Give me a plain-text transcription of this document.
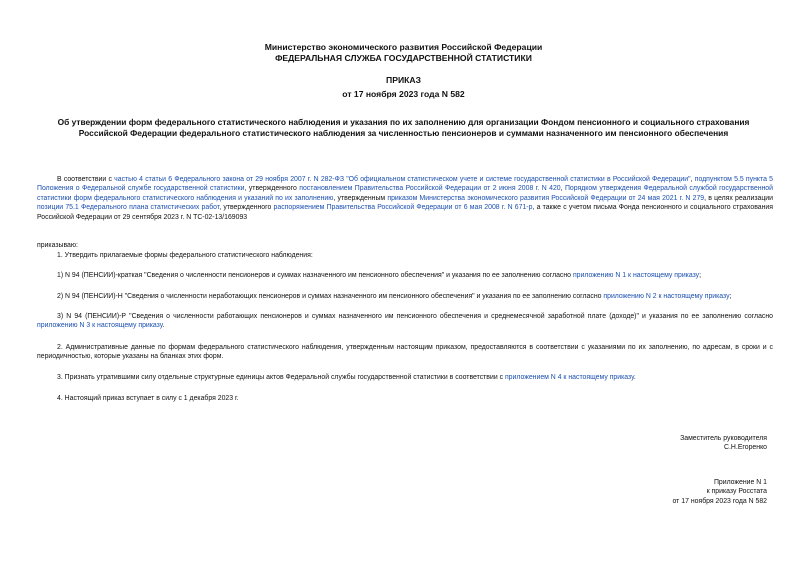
Министерство экономического развития Российской Федерации
ФЕДЕРАЛЬНАЯ СЛУЖБА ГОСУДАРСТВЕННОЙ СТАТИСТИКИ
ПРИКАЗ
от 17 ноября 2023 года N 582
Об утверждении форм федерального статистического наблюдения и указания по их заполнению для организации Фондом пенсионного и социального страхования Российской Федерации федерального статистического наблюдения за численностью пенсионеров и суммами назначенного им пенсионного обеспечения
В соответствии с частью 4 статьи 6 Федерального закона от 29 ноября 2007 г. N 282-ФЗ "Об официальном статистическом учете и системе государственной статистики в Российской Федерации", подпунктом 5.5 пункта 5 Положения о Федеральной службе государственной статистики, утвержденного постановлением Правительства Российской Федерации от 2 июня 2008 г. N 420, Порядком утверждения Федеральной службой государственной статистики форм федерального статистического наблюдения и указаний по их заполнению, утвержденным приказом Министерства экономического развития Российской Федерации от 24 мая 2021 г. N 279, в целях реализации позиции 75.1 Федерального плана статистических работ, утвержденного распоряжением Правительства Российской Федерации от 6 мая 2008 г. N 671-р, а также с учетом письма Фонда пенсионного и социального страхования Российской Федерации от 29 сентября 2023 г. N ТС-02-13/169093
приказываю:
1. Утвердить прилагаемые формы федерального статистического наблюдения:
1) N 94 (ПЕНСИИ)-краткая "Сведения о численности пенсионеров и суммах назначенного им пенсионного обеспечения" и указания по ее заполнению согласно приложению N 1 к настоящему приказу;
2) N 94 (ПЕНСИИ)-Н "Сведения о численности неработающих пенсионеров и суммах назначенного им пенсионного обеспечения" и указания по ее заполнению согласно приложению N 2 к настоящему приказу;
3) N 94 (ПЕНСИИ)-Р "Сведения о численности работающих пенсионеров и суммах назначенного им пенсионного обеспечения и среднемесячной заработной плате (доходе)" и указания по ее заполнению согласно приложению N 3 к настоящему приказу.
2. Административные данные по формам федерального статистического наблюдения, утвержденным настоящим приказом, предоставляются в соответствии с указаниями по их заполнению, по адресам, в сроки и с периодичностью, которые указаны на бланках этих форм.
3. Признать утратившими силу отдельные структурные единицы актов Федеральной службы государственной статистики в соответствии с приложением N 4 к настоящему приказу.
4. Настоящий приказ вступает в силу с 1 декабря 2023 г.
Заместитель руководителя
С.Н.Егоренко
Приложение N 1
к приказу Росстата
от 17 ноября 2023 года N 582
